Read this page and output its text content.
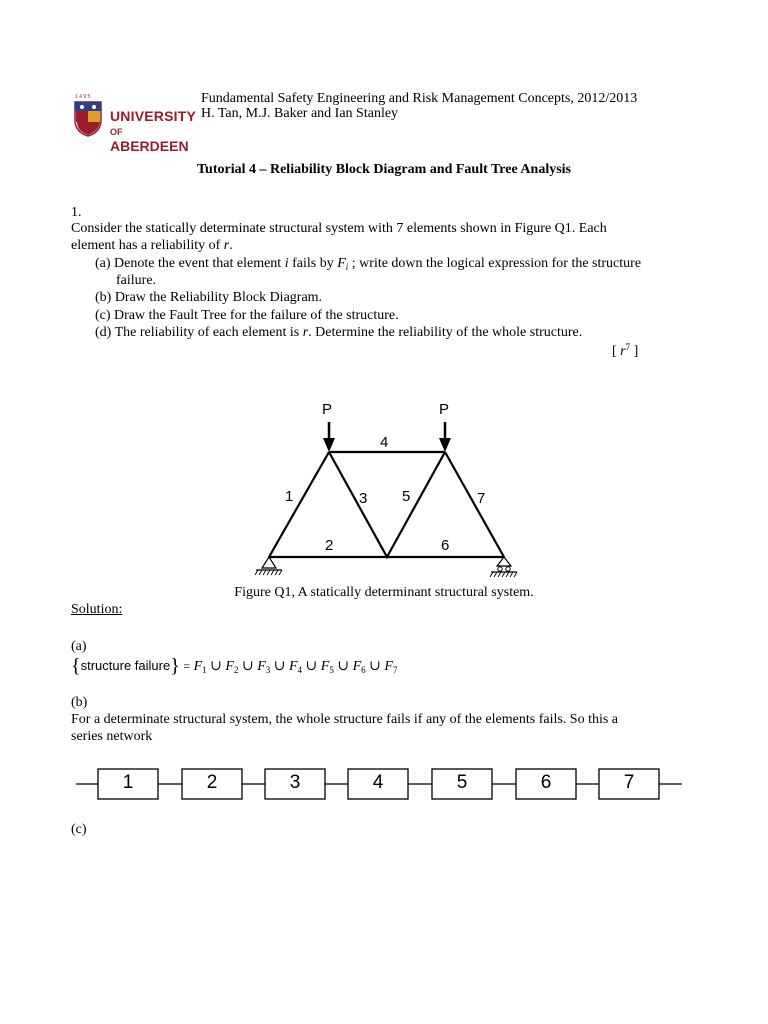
1 4 9 5
UNIVERSITY
OF ABERDEEN
Fundamental Safety Engineering and Risk Management Concepts, 2012/2013
H. Tan, M.J. Baker and Ian Stanley
Tutorial 4 – Reliability Block Diagram and Fault Tree Analysis
1.
Consider the statically determinate structural system with 7 elements shown in Figure Q1. Each
element has a reliability of r.
(a) Denote the event that element i fails by $F_i$ ; write down the logical expression for the structure
failure.
(b) Draw the Reliability Block Diagram.
(c) Draw the Fault Tree for the failure of the structure.
(d) The reliability of each element is r. Determine the reliability of the whole structure.
[ $r^7$ ]
P	P
1
2
3
4
5
6
7
Figure Q1, A statically determinant structural system.
Solution:
(a)
{structure failure} = $F_1$ ∪ $F_2$ ∪ $F_3$ ∪ $F_4$ ∪ $F_5$ ∪ $F_6$ ∪ $F_7$
(b)
For a determinate structural system, the whole structure fails if any of the elements fails. So this a
series network
1	2	3	4	5	6	7
(c)
